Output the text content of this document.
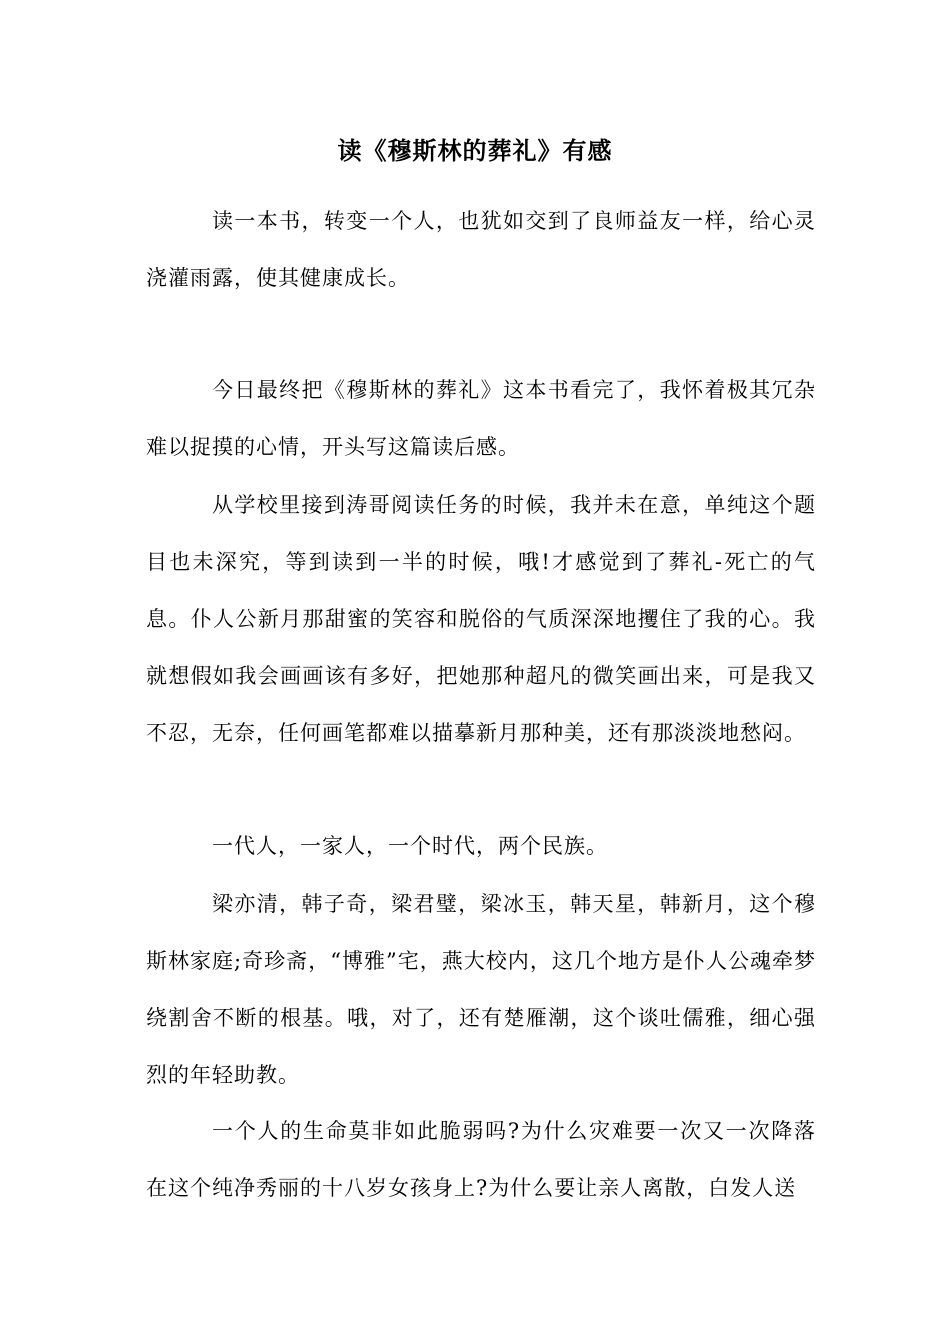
读《穆斯林的葬礼》有感

读一本书，转变一个人，也犹如交到了良师益友一样，给心灵浇灌雨露，使其健康成长。

今日最终把《穆斯林的葬礼》这本书看完了，我怀着极其冗杂难以捉摸的心情，开头写这篇读后感。

从学校里接到涛哥阅读任务的时候，我并未在意，单纯这个题目也未深究，等到读到一半的时候，哦!才感觉到了葬礼-死亡的气息。仆人公新月那甜蜜的笑容和脱俗的气质深深地攫住了我的心。我就想假如我会画画该有多好，把她那种超凡的微笑画出来，可是我又不忍，无奈，任何画笔都难以描摹新月那种美，还有那淡淡地愁闷。

一代人，一家人，一个时代，两个民族。

梁亦清，韩子奇，梁君璧，梁冰玉，韩天星，韩新月，这个穆斯林家庭;奇珍斋，“博雅”宅，燕大校内，这几个地方是仆人公魂牵梦绕割舍不断的根基。哦，对了，还有楚雁潮，这个谈吐儒雅，细心强烈的年轻助教。

一个人的生命莫非如此脆弱吗?为什么灾难要一次又一次降落在这个纯净秀丽的十八岁女孩身上?为什么要让亲人离散，白发人送
